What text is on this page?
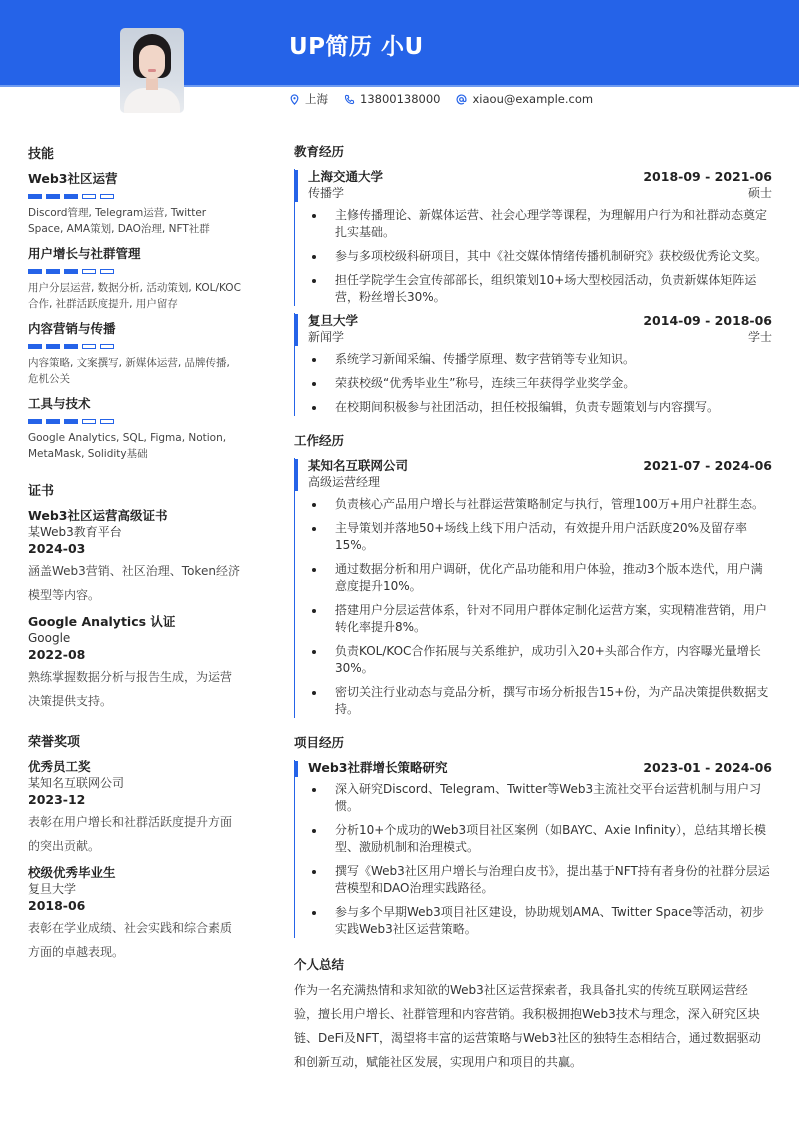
UP简历 小U
上海	13800138000	xiaou@example.com
技能
Web3社区运营
Discord管理, Telegram运营, Twitter Space, AMA策划, DAO治理, NFT社群
用户增长与社群管理
用户分层运营, 数据分析, 活动策划, KOL/KOC合作, 社群活跃度提升, 用户留存
内容营销与传播
内容策略, 文案撰写, 新媒体运营, 品牌传播, 危机公关
工具与技术
Google Analytics, SQL, Figma, Notion, MetaMask, Solidity基础
证书
Web3社区运营高级证书
某Web3教育平台
2024-03
涵盖Web3营销、社区治理、Token经济模型等内容。
Google Analytics 认证
Google
2022-08
熟练掌握数据分析与报告生成，为运营决策提供支持。
荣誉奖项
优秀员工奖
某知名互联网公司
2023-12
表彰在用户增长和社群活跃度提升方面的突出贡献。
校级优秀毕业生
复旦大学
2018-06
表彰在学业成绩、社会实践和综合素质方面的卓越表现。
教育经历
上海交通大学	2018-09 - 2021-06
传播学	硕士
主修传播理论、新媒体运营、社会心理学等课程，为理解用户行为和社群动态奠定扎实基础。
参与多项校级科研项目，其中《社交媒体情绪传播机制研究》获校级优秀论文奖。
担任学院学生会宣传部部长，组织策划10+场大型校园活动，负责新媒体矩阵运营，粉丝增长30%。
复旦大学	2014-09 - 2018-06
新闻学	学士
系统学习新闻采编、传播学原理、数字营销等专业知识。
荣获校级“优秀毕业生”称号，连续三年获得学业奖学金。
在校期间积极参与社团活动，担任校报编辑，负责专题策划与内容撰写。
工作经历
某知名互联网公司	2021-07 - 2024-06
高级运营经理
负责核心产品用户增长与社群运营策略制定与执行，管理100万+用户社群生态。
主导策划并落地50+场线上线下用户活动，有效提升用户活跃度20%及留存率15%。
通过数据分析和用户调研，优化产品功能和用户体验，推动3个版本迭代，用户满意度提升10%。
搭建用户分层运营体系，针对不同用户群体定制化运营方案，实现精准营销，用户转化率提升8%。
负责KOL/KOC合作拓展与关系维护，成功引入20+头部合作方，内容曝光量增长30%。
密切关注行业动态与竞品分析，撰写市场分析报告15+份，为产品决策提供数据支持。
项目经历
Web3社群增长策略研究	2023-01 - 2024-06
深入研究Discord、Telegram、Twitter等Web3主流社交平台运营机制与用户习惯。
分析10+个成功的Web3项目社区案例（如BAYC、Axie Infinity），总结其增长模型、激励机制和治理模式。
撰写《Web3社区用户增长与治理白皮书》，提出基于NFT持有者身份的社群分层运营模型和DAO治理实践路径。
参与多个早期Web3项目社区建设，协助规划AMA、Twitter Space等活动，初步实践Web3社区运营策略。
个人总结
作为一名充满热情和求知欲的Web3社区运营探索者，我具备扎实的传统互联网运营经验，擅长用户增长、社群管理和内容营销。我积极拥抱Web3技术与理念，深入研究区块链、DeFi及NFT，渴望将丰富的运营策略与Web3社区的独特生态相结合，通过数据驱动和创新互动，赋能社区发展，实现用户和项目的共赢。
